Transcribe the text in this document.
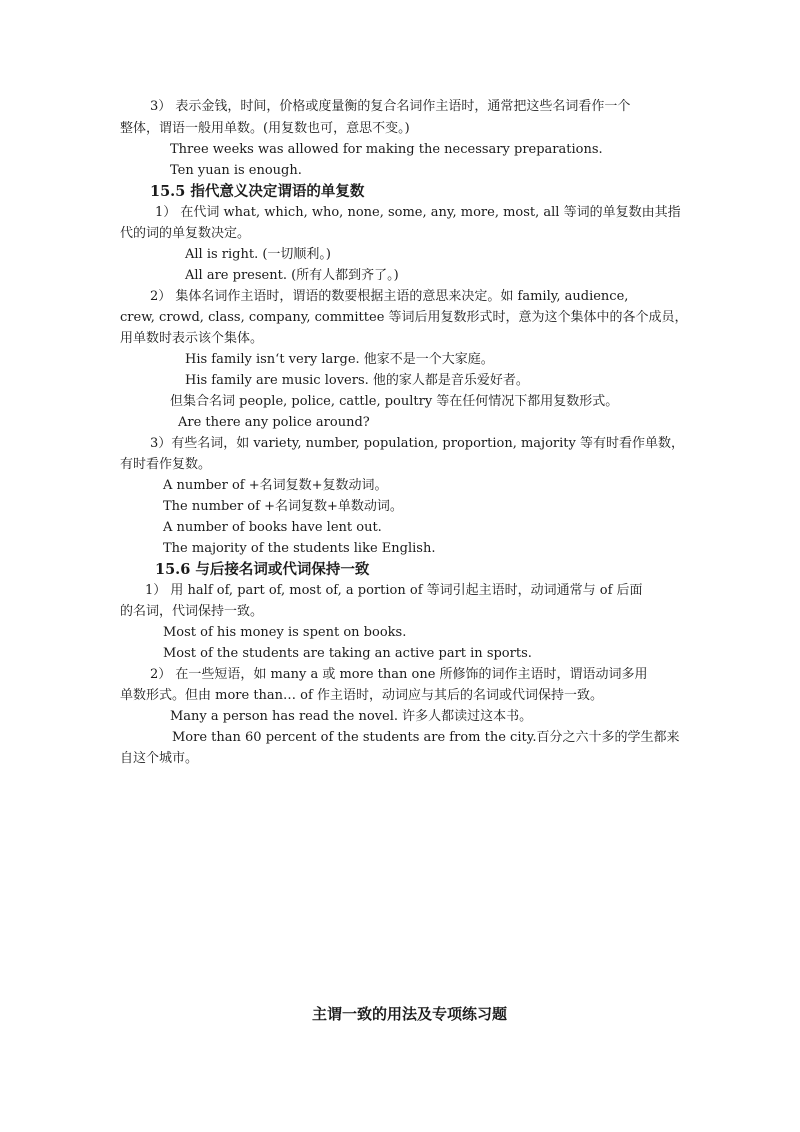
3） 表示金钱，时间，价格或度量衡的复合名词作主语时，通常把这些名词看作一个
整体，谓语一般用单数。(用复数也可，意思不变。)
Three weeks was allowed for making the necessary preparations.
Ten yuan is enough.
15.5 指代意义决定谓语的单复数
1） 在代词 what, which, who, none, some, any, more, most, all 等词的单复数由其指
代的词的单复数决定。
All is right. (一切顺利。)
All are present. (所有人都到齐了。)
2） 集体名词作主语时，谓语的数要根据主语的意思来决定。如 family, audience,
crew, crowd, class, company, committee 等词后用复数形式时，意为这个集体中的各个成员，
用单数时表示该个集体。
His family isn‘t very large. 他家不是一个大家庭。
His family are music lovers. 他的家人都是音乐爱好者。
但集合名词 people, police, cattle, poultry 等在任何情况下都用复数形式。
Are there any police around?
3）有些名词，如 variety, number, population, proportion, majority 等有时看作单数，
有时看作复数。
A number of +名词复数+复数动词。
The number of +名词复数+单数动词。
A number of books have lent out.
The majority of the students like English.
15.6 与后接名词或代词保持一致
1） 用 half of, part of, most of, a portion of 等词引起主语时，动词通常与 of 后面
的名词，代词保持一致。
Most of his money is spent on books.
Most of the students are taking an active part in sports.
2） 在一些短语，如 many a 或 more than one 所修饰的词作主语时，谓语动词多用
单数形式。但由 more than… of 作主语时，动词应与其后的名词或代词保持一致。
Many a person has read the novel. 许多人都读过这本书。
More than 60 percent of the students are from the city.百分之六十多的学生都来
自这个城市。
主谓一致的用法及专项练习题
